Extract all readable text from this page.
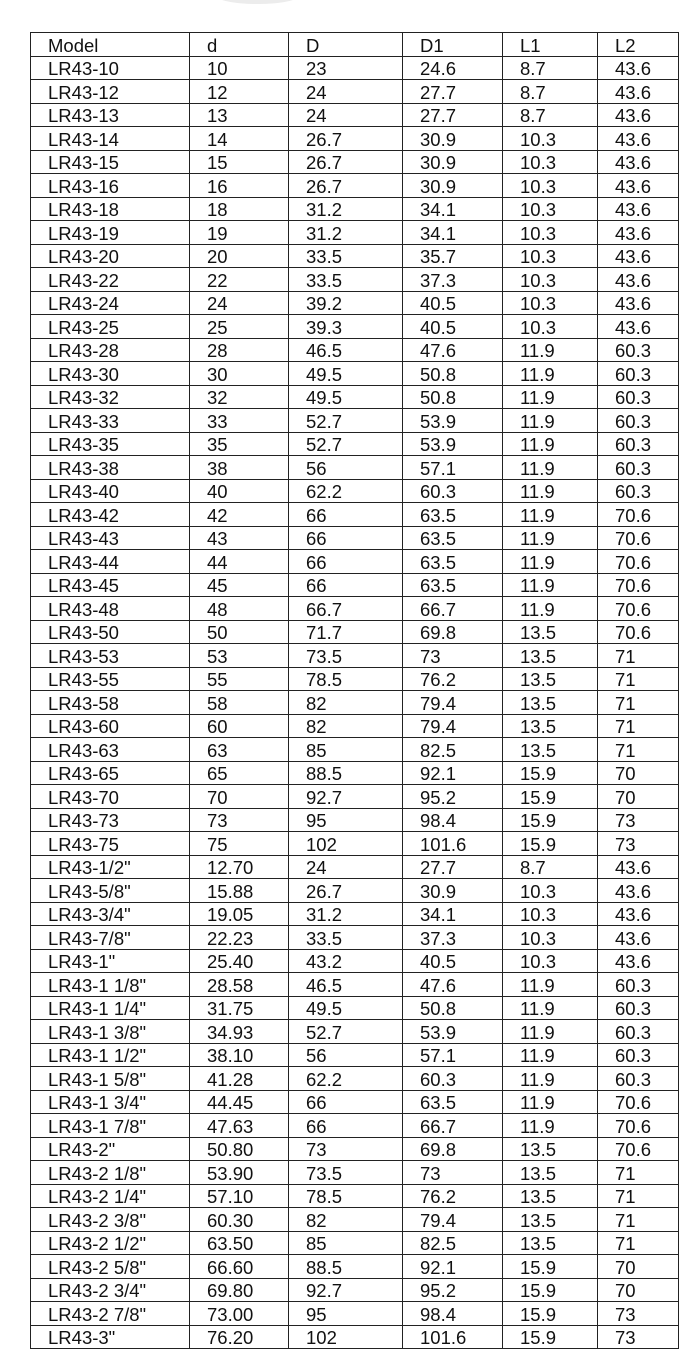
Model	d	D	D1	L1	L2
LR43-10	10	23	24.6	8.7	43.6
LR43-12	12	24	27.7	8.7	43.6
LR43-13	13	24	27.7	8.7	43.6
LR43-14	14	26.7	30.9	10.3	43.6
LR43-15	15	26.7	30.9	10.3	43.6
LR43-16	16	26.7	30.9	10.3	43.6
LR43-18	18	31.2	34.1	10.3	43.6
LR43-19	19	31.2	34.1	10.3	43.6
LR43-20	20	33.5	35.7	10.3	43.6
LR43-22	22	33.5	37.3	10.3	43.6
LR43-24	24	39.2	40.5	10.3	43.6
LR43-25	25	39.3	40.5	10.3	43.6
LR43-28	28	46.5	47.6	11.9	60.3
LR43-30	30	49.5	50.8	11.9	60.3
LR43-32	32	49.5	50.8	11.9	60.3
LR43-33	33	52.7	53.9	11.9	60.3
LR43-35	35	52.7	53.9	11.9	60.3
LR43-38	38	56	57.1	11.9	60.3
LR43-40	40	62.2	60.3	11.9	60.3
LR43-42	42	66	63.5	11.9	70.6
LR43-43	43	66	63.5	11.9	70.6
LR43-44	44	66	63.5	11.9	70.6
LR43-45	45	66	63.5	11.9	70.6
LR43-48	48	66.7	66.7	11.9	70.6
LR43-50	50	71.7	69.8	13.5	70.6
LR43-53	53	73.5	73	13.5	71
LR43-55	55	78.5	76.2	13.5	71
LR43-58	58	82	79.4	13.5	71
LR43-60	60	82	79.4	13.5	71
LR43-63	63	85	82.5	13.5	71
LR43-65	65	88.5	92.1	15.9	70
LR43-70	70	92.7	95.2	15.9	70
LR43-73	73	95	98.4	15.9	73
LR43-75	75	102	101.6	15.9	73
LR43-1/2"	12.70	24	27.7	8.7	43.6
LR43-5/8"	15.88	26.7	30.9	10.3	43.6
LR43-3/4"	19.05	31.2	34.1	10.3	43.6
LR43-7/8"	22.23	33.5	37.3	10.3	43.6
LR43-1"	25.40	43.2	40.5	10.3	43.6
LR43-1 1/8"	28.58	46.5	47.6	11.9	60.3
LR43-1 1/4"	31.75	49.5	50.8	11.9	60.3
LR43-1 3/8"	34.93	52.7	53.9	11.9	60.3
LR43-1 1/2"	38.10	56	57.1	11.9	60.3
LR43-1 5/8"	41.28	62.2	60.3	11.9	60.3
LR43-1 3/4"	44.45	66	63.5	11.9	70.6
LR43-1 7/8"	47.63	66	66.7	11.9	70.6
LR43-2"	50.80	73	69.8	13.5	70.6
LR43-2 1/8"	53.90	73.5	73	13.5	71
LR43-2 1/4"	57.10	78.5	76.2	13.5	71
LR43-2 3/8"	60.30	82	79.4	13.5	71
LR43-2 1/2"	63.50	85	82.5	13.5	71
LR43-2 5/8"	66.60	88.5	92.1	15.9	70
LR43-2 3/4"	69.80	92.7	95.2	15.9	70
LR43-2 7/8"	73.00	95	98.4	15.9	73
LR43-3"	76.20	102	101.6	15.9	73
